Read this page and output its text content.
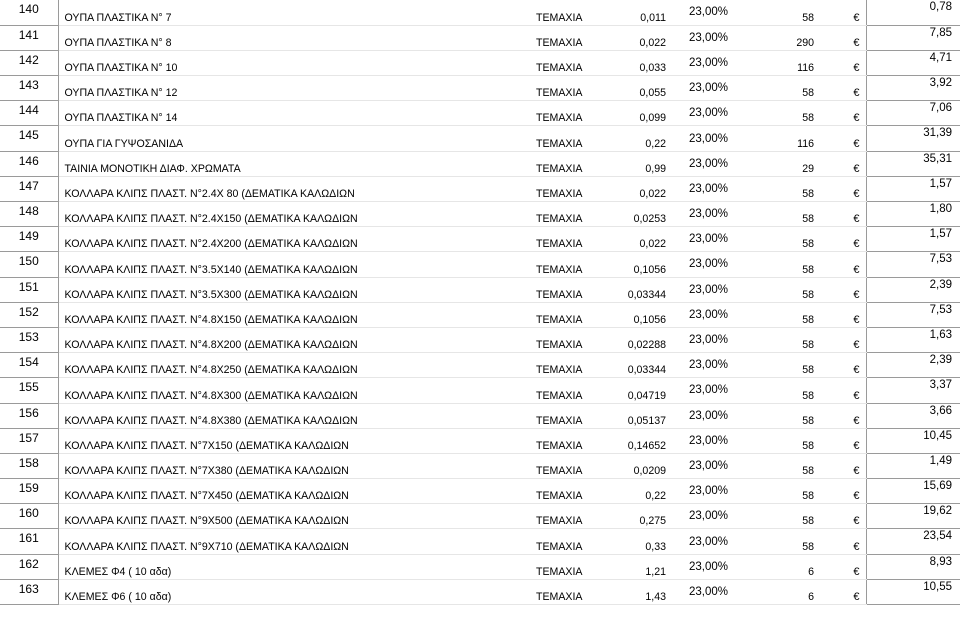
140	ΟΥΠΑ ΠΛΑΣΤΙΚΑ Ν° 7	ΤΕΜΑΧΙΑ	0,011	23,00%	58	€	0,78
141	ΟΥΠΑ ΠΛΑΣΤΙΚΑ Ν° 8	ΤΕΜΑΧΙΑ	0,022	23,00%	290	€	7,85
142	ΟΥΠΑ ΠΛΑΣΤΙΚΑ Ν° 10	ΤΕΜΑΧΙΑ	0,033	23,00%	116	€	4,71
143	ΟΥΠΑ ΠΛΑΣΤΙΚΑ Ν° 12	ΤΕΜΑΧΙΑ	0,055	23,00%	58	€	3,92
144	ΟΥΠΑ ΠΛΑΣΤΙΚΑ Ν° 14	ΤΕΜΑΧΙΑ	0,099	23,00%	58	€	7,06
145	ΟΥΠΑ ΓΙΑ ΓΥΨΟΣΑΝΙΔΑ	ΤΕΜΑΧΙΑ	0,22	23,00%	116	€	31,39
146	ΤΑΙΝΙΑ ΜΟΝΟΤΙΚΗ ΔΙΑΦ. ΧΡΩΜΑΤΑ	ΤΕΜΑΧΙΑ	0,99	23,00%	29	€	35,31
147	ΚΟΛΛΑΡΑ ΚΛΙΠΣ ΠΛΑΣΤ. Ν°2.4Χ 80 (ΔΕΜΑΤΙΚΑ ΚΑΛΩΔΙΩΝ	ΤΕΜΑΧΙΑ	0,022	23,00%	58	€	1,57
148	ΚΟΛΛΑΡΑ ΚΛΙΠΣ ΠΛΑΣΤ. Ν°2.4Χ150 (ΔΕΜΑΤΙΚΑ ΚΑΛΩΔΙΩΝ	ΤΕΜΑΧΙΑ	0,0253	23,00%	58	€	1,80
149	ΚΟΛΛΑΡΑ ΚΛΙΠΣ ΠΛΑΣΤ. Ν°2.4Χ200 (ΔΕΜΑΤΙΚΑ ΚΑΛΩΔΙΩΝ	ΤΕΜΑΧΙΑ	0,022	23,00%	58	€	1,57
150	ΚΟΛΛΑΡΑ ΚΛΙΠΣ ΠΛΑΣΤ. Ν°3.5Χ140 (ΔΕΜΑΤΙΚΑ ΚΑΛΩΔΙΩΝ	ΤΕΜΑΧΙΑ	0,1056	23,00%	58	€	7,53
151	ΚΟΛΛΑΡΑ ΚΛΙΠΣ ΠΛΑΣΤ. Ν°3.5Χ300 (ΔΕΜΑΤΙΚΑ ΚΑΛΩΔΙΩΝ	ΤΕΜΑΧΙΑ	0,03344	23,00%	58	€	2,39
152	ΚΟΛΛΑΡΑ ΚΛΙΠΣ ΠΛΑΣΤ. Ν°4.8Χ150 (ΔΕΜΑΤΙΚΑ ΚΑΛΩΔΙΩΝ	ΤΕΜΑΧΙΑ	0,1056	23,00%	58	€	7,53
153	ΚΟΛΛΑΡΑ ΚΛΙΠΣ ΠΛΑΣΤ. Ν°4.8Χ200 (ΔΕΜΑΤΙΚΑ ΚΑΛΩΔΙΩΝ	ΤΕΜΑΧΙΑ	0,02288	23,00%	58	€	1,63
154	ΚΟΛΛΑΡΑ ΚΛΙΠΣ ΠΛΑΣΤ. Ν°4.8Χ250 (ΔΕΜΑΤΙΚΑ ΚΑΛΩΔΙΩΝ	ΤΕΜΑΧΙΑ	0,03344	23,00%	58	€	2,39
155	ΚΟΛΛΑΡΑ ΚΛΙΠΣ ΠΛΑΣΤ. Ν°4.8Χ300 (ΔΕΜΑΤΙΚΑ ΚΑΛΩΔΙΩΝ	ΤΕΜΑΧΙΑ	0,04719	23,00%	58	€	3,37
156	ΚΟΛΛΑΡΑ ΚΛΙΠΣ ΠΛΑΣΤ. Ν°4.8Χ380 (ΔΕΜΑΤΙΚΑ ΚΑΛΩΔΙΩΝ	ΤΕΜΑΧΙΑ	0,05137	23,00%	58	€	3,66
157	ΚΟΛΛΑΡΑ ΚΛΙΠΣ ΠΛΑΣΤ. Ν°7Χ150 (ΔΕΜΑΤΙΚΑ ΚΑΛΩΔΙΩΝ	ΤΕΜΑΧΙΑ	0,14652	23,00%	58	€	10,45
158	ΚΟΛΛΑΡΑ ΚΛΙΠΣ ΠΛΑΣΤ. Ν°7Χ380 (ΔΕΜΑΤΙΚΑ ΚΑΛΩΔΙΩΝ	ΤΕΜΑΧΙΑ	0,0209	23,00%	58	€	1,49
159	ΚΟΛΛΑΡΑ ΚΛΙΠΣ ΠΛΑΣΤ. Ν°7Χ450 (ΔΕΜΑΤΙΚΑ ΚΑΛΩΔΙΩΝ	ΤΕΜΑΧΙΑ	0,22	23,00%	58	€	15,69
160	ΚΟΛΛΑΡΑ ΚΛΙΠΣ ΠΛΑΣΤ. Ν°9Χ500 (ΔΕΜΑΤΙΚΑ ΚΑΛΩΔΙΩΝ	ΤΕΜΑΧΙΑ	0,275	23,00%	58	€	19,62
161	ΚΟΛΛΑΡΑ ΚΛΙΠΣ ΠΛΑΣΤ. Ν°9Χ710 (ΔΕΜΑΤΙΚΑ ΚΑΛΩΔΙΩΝ	ΤΕΜΑΧΙΑ	0,33	23,00%	58	€	23,54
162	ΚΛΕΜΕΣ Φ4 ( 10 αδα)	ΤΕΜΑΧΙΑ	1,21	23,00%	6	€	8,93
163	ΚΛΕΜΕΣ Φ6 ( 10 αδα)	ΤΕΜΑΧΙΑ	1,43	23,00%	6	€	10,55
